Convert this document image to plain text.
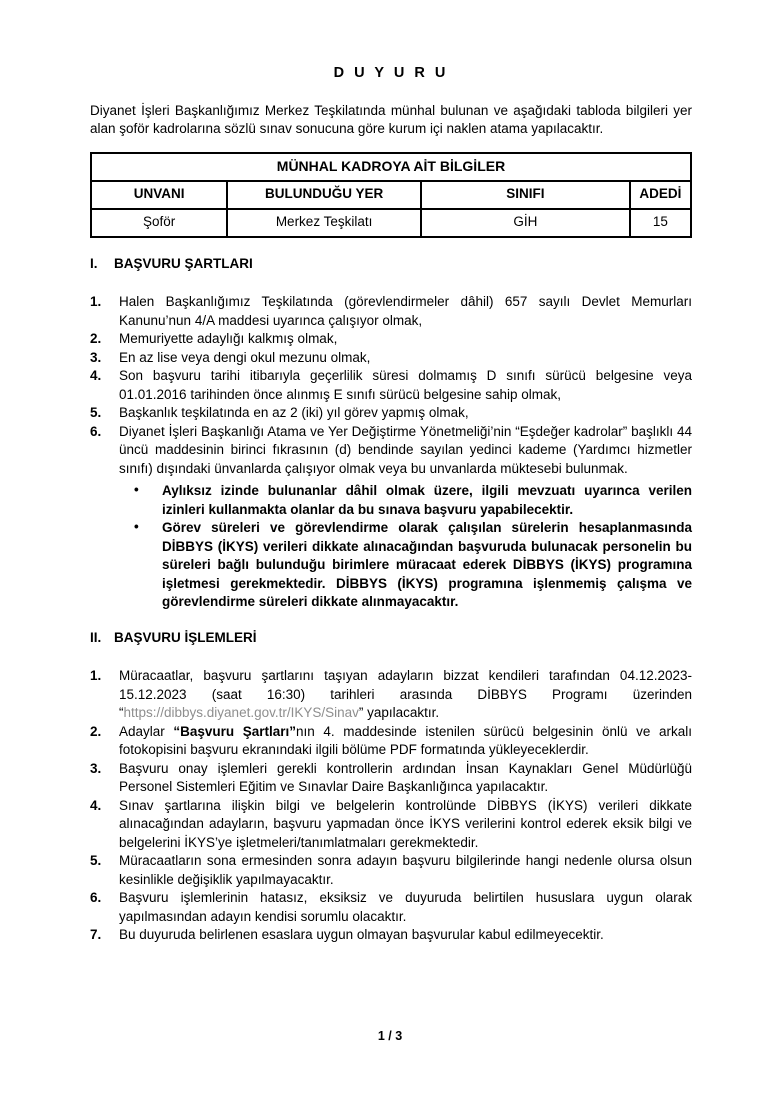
D U Y U R U

Diyanet İşleri Başkanlığımız Merkez Teşkilatında münhal bulunan ve aşağıdaki tabloda bilgileri yer alan şoför kadrolarına sözlü sınav sonucuna göre kurum içi naklen atama yapılacaktır.

MÜNHAL KADROYA AİT BİLGİLER			
UNVANI	BULUNDUĞU YER	SINIFI	ADEDİ
Şoför	Merkez Teşkilatı	GİH	15
I. BAŞVURU ŞARTLARI
1.	Halen Başkanlığımız Teşkilatında (görevlendirmeler dâhil) 657 sayılı Devlet Memurları Kanunu’nun 4/A maddesi uyarınca çalışıyor olmak,
2.	Memuriyette adaylığı kalkmış olmak,
3.	En az lise veya dengi okul mezunu olmak,
4.	Son başvuru tarihi itibarıyla geçerlilik süresi dolmamış D sınıfı sürücü belgesine veya 01.01.2016 tarihinden önce alınmış E sınıfı sürücü belgesine sahip olmak,
5.	Başkanlık teşkilatında en az 2 (iki) yıl görev yapmış olmak,
6.	Diyanet İşleri Başkanlığı Atama ve Yer Değiştirme Yönetmeliği’nin “Eşdeğer kadrolar” başlıklı 44 üncü maddesinin birinci fıkrasının (d) bendinde sayılan yedinci kademe (Yardımcı hizmetler sınıfı) dışındaki ünvanlarda çalışıyor olmak veya bu unvanlarda müktesebi bulunmak.
• Aylıksız izinde bulunanlar dâhil olmak üzere, ilgili mevzuatı uyarınca verilen izinleri kullanmakta olanlar da bu sınava başvuru yapabilecektir.
• Görev süreleri ve görevlendirme olarak çalışılan sürelerin hesaplanmasında DİBBYS (İKYS) verileri dikkate alınacağından başvuruda bulunacak personelin bu süreleri bağlı bulunduğu birimlere müracaat ederek DİBBYS (İKYS) programına işletmesi gerekmektedir. DİBBYS (İKYS) programına işlenmemiş çalışma ve görevlendirme süreleri dikkate alınmayacaktır.
II. BAŞVURU İŞLEMLERİ
1.	Müracaatlar, başvuru şartlarını taşıyan adayların bizzat kendileri tarafından 04.12.2023-15.12.2023 (saat 16:30) tarihleri arasında DİBBYS Programı üzerinden “https://dibbys.diyanet.gov.tr/IKYS/Sinav” yapılacaktır.
2.	Adaylar “Başvuru Şartları”nın 4. maddesinde istenilen sürücü belgesinin önlü ve arkalı fotokopisini başvuru ekranındaki ilgili bölüme PDF formatında yükleyeceklerdir.
3.	Başvuru onay işlemleri gerekli kontrollerin ardından İnsan Kaynakları Genel Müdürlüğü Personel Sistemleri Eğitim ve Sınavlar Daire Başkanlığınca yapılacaktır.
4.	Sınav şartlarına ilişkin bilgi ve belgelerin kontrolünde DİBBYS (İKYS) verileri dikkate alınacağından adayların, başvuru yapmadan önce İKYS verilerini kontrol ederek eksik bilgi ve belgelerini İKYS’ye işletmeleri/tanımlatmaları gerekmektedir.
5.	Müracaatların sona ermesinden sonra adayın başvuru bilgilerinde hangi nedenle olursa olsun kesinlikle değişiklik yapılmayacaktır.
6.	Başvuru işlemlerinin hatasız, eksiksiz ve duyuruda belirtilen hususlara uygun olarak yapılmasından adayın kendisi sorumlu olacaktır.
7.	Bu duyuruda belirlenen esaslara uygun olmayan başvurular kabul edilmeyecektir.
1 / 3
